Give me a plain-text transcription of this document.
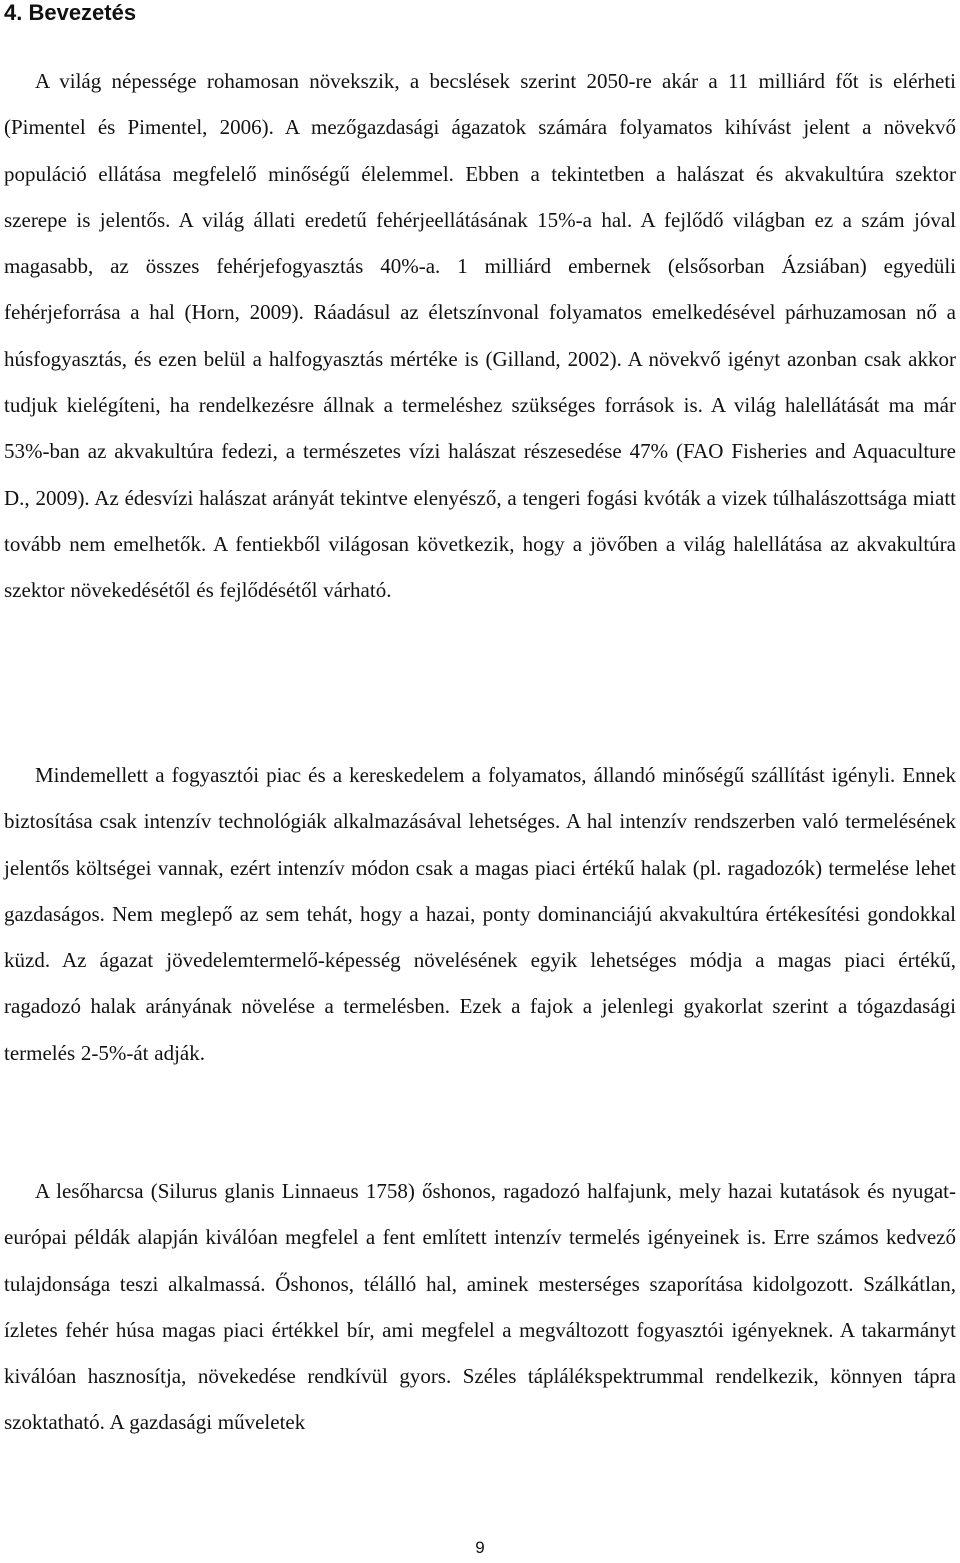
4. Bevezetés

A világ népessége rohamosan növekszik, a becslések szerint 2050-re akár a 11 milliárd főt is elérheti (Pimentel és Pimentel, 2006). A mezőgazdasági ágazatok számára folyamatos kihívást jelent a növekvő populáció ellátása megfelelő minőségű élelemmel. Ebben a tekintetben a halászat és akvakultúra szektor szerepe is jelentős. A világ állati eredetű fehérjeellátásának 15%-a hal. A fejlődő világban ez a szám jóval magasabb, az összes fehérjefogyasztás 40%-a. 1 milliárd embernek (elsősorban Ázsiában) egyedüli fehérjeforrása a hal (Horn, 2009). Ráadásul az életszínvonal folyamatos emelkedésével párhuzamosan nő a húsfogyasztás, és ezen belül a halfogyasztás mértéke is (Gilland, 2002). A növekvő igényt azonban csak akkor tudjuk kielégíteni, ha rendelkezésre állnak a termeléshez szükséges források is. A világ halellátását ma már 53%-ban az akvakultúra fedezi, a természetes vízi halászat részesedése 47% (FAO Fisheries and Aquaculture D., 2009). Az édesvízi halászat arányát tekintve elenyésző, a tengeri fogási kvóták a vizek túlhalászottsága miatt tovább nem emelhetők. A fentiekből világosan következik, hogy a jövőben a világ halellátása az akvakultúra szektor növekedésétől és fejlődésétől várható.

Mindemellett a fogyasztói piac és a kereskedelem a folyamatos, állandó minőségű szállítást igényli. Ennek biztosítása csak intenzív technológiák alkalmazásával lehetséges. A hal intenzív rendszerben való termelésének jelentős költségei vannak, ezért intenzív módon csak a magas piaci értékű halak (pl. ragadozók) termelése lehet gazdaságos. Nem meglepő az sem tehát, hogy a hazai, ponty dominanciájú akvakultúra értékesítési gondokkal küzd. Az ágazat jövedelemtermelő-képesség növelésének egyik lehetséges módja a magas piaci értékű, ragadozó halak arányának növelése a termelésben. Ezek a fajok a jelenlegi gyakorlat szerint a tógazdasági termelés 2-5%-át adják.

A lesőharcsa (Silurus glanis Linnaeus 1758) őshonos, ragadozó halfajunk, mely hazai kutatások és nyugat-európai példák alapján kiválóan megfelel a fent említett intenzív termelés igényeinek is. Erre számos kedvező tulajdonsága teszi alkalmassá. Őshonos, télálló hal, aminek mesterséges szaporítása kidolgozott. Szálkátlan, ízletes fehér húsa magas piaci értékkel bír, ami megfelel a megváltozott fogyasztói igényeknek. A takarmányt kiválóan hasznosítja, növekedése rendkívül gyors. Széles táplálékspektrummal rendelkezik, könnyen tápra szoktatható. A gazdasági műveletek

9
